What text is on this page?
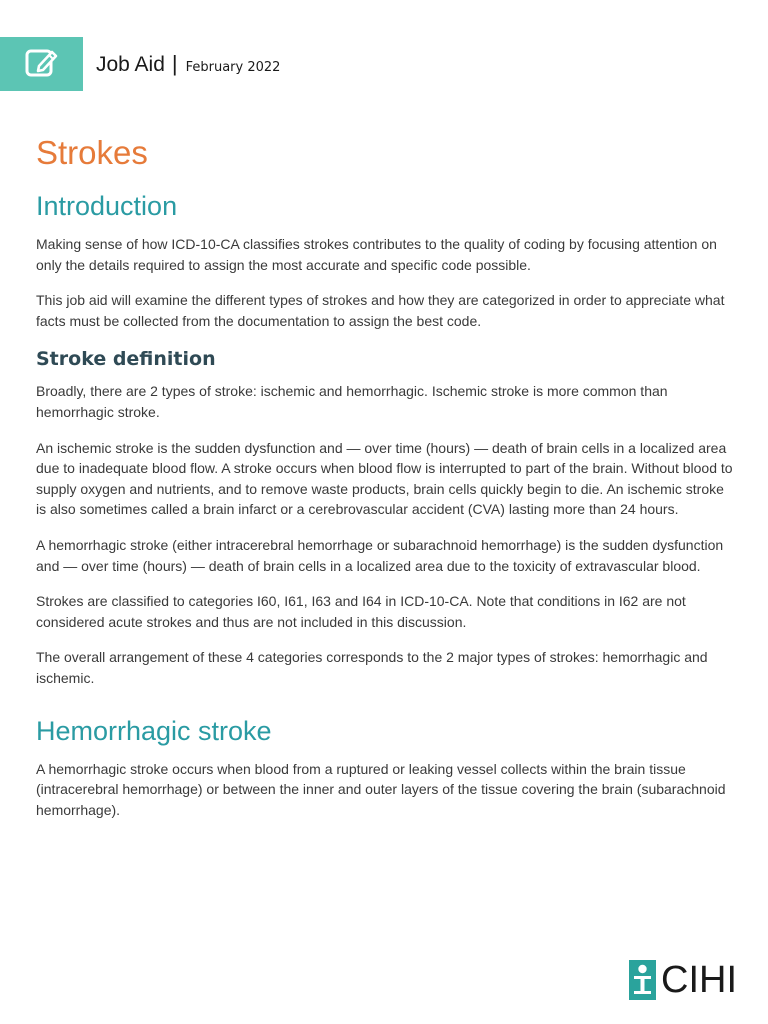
Job Aid | February 2022
Strokes
Introduction

Making sense of how ICD-10-CA classifies strokes contributes to the quality of coding by focusing attention on only the details required to assign the most accurate and specific code possible.

This job aid will examine the different types of strokes and how they are categorized in order to appreciate what facts must be collected from the documentation to assign the best code.

Stroke definition

Broadly, there are 2 types of stroke: ischemic and hemorrhagic. Ischemic stroke is more common than hemorrhagic stroke.

An ischemic stroke is the sudden dysfunction and — over time (hours) — death of brain cells in a localized area due to inadequate blood flow. A stroke occurs when blood flow is interrupted to part of the brain. Without blood to supply oxygen and nutrients, and to remove waste products, brain cells quickly begin to die. An ischemic stroke is also sometimes called a brain infarct or a cerebrovascular accident (CVA) lasting more than 24 hours.

A hemorrhagic stroke (either intracerebral hemorrhage or subarachnoid hemorrhage) is the sudden dysfunction and — over time (hours) — death of brain cells in a localized area due to the toxicity of extravascular blood.

Strokes are classified to categories I60, I61, I63 and I64 in ICD-10-CA. Note that conditions in I62 are not considered acute strokes and thus are not included in this discussion.

The overall arrangement of these 4 categories corresponds to the 2 major types of strokes: hemorrhagic and ischemic.

Hemorrhagic stroke

A hemorrhagic stroke occurs when blood from a ruptured or leaking vessel collects within the brain tissue (intracerebral hemorrhage) or between the inner and outer layers of the tissue covering the brain (subarachnoid hemorrhage).

CIHI
